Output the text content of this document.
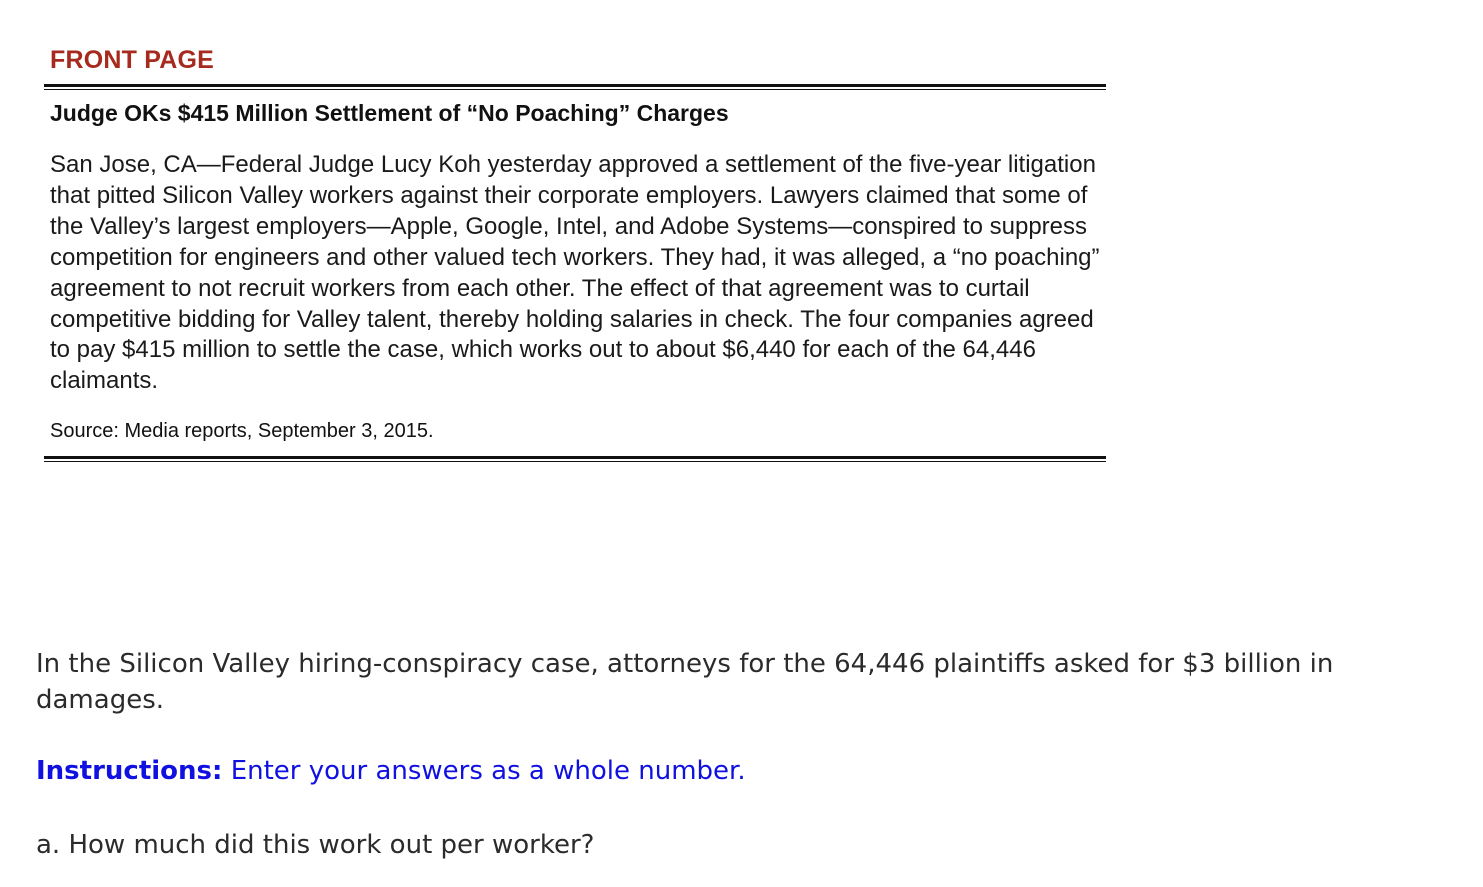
FRONT PAGE
Judge OKs $415 Million Settlement of “No Poaching” Charges

San Jose, CA—Federal Judge Lucy Koh yesterday approved a settlement of the five-year litigation that pitted Silicon Valley workers against their corporate employers. Lawyers claimed that some of the Valley’s largest employers—Apple, Google, Intel, and Adobe Systems—conspired to suppress competition for engineers and other valued tech workers. They had, it was alleged, a “no poaching” agreement to not recruit workers from each other. The effect of that agreement was to curtail competitive bidding for Valley talent, thereby holding salaries in check. The four companies agreed to pay $415 million to settle the case, which works out to about $6,440 for each of the 64,446 claimants.

Source: Media reports, September 3, 2015.

In the Silicon Valley hiring-conspiracy case, attorneys for the 64,446 plaintiffs asked for $3 billion in damages.

Instructions: Enter your answers as a whole number.
a. How much did this work out per worker?
